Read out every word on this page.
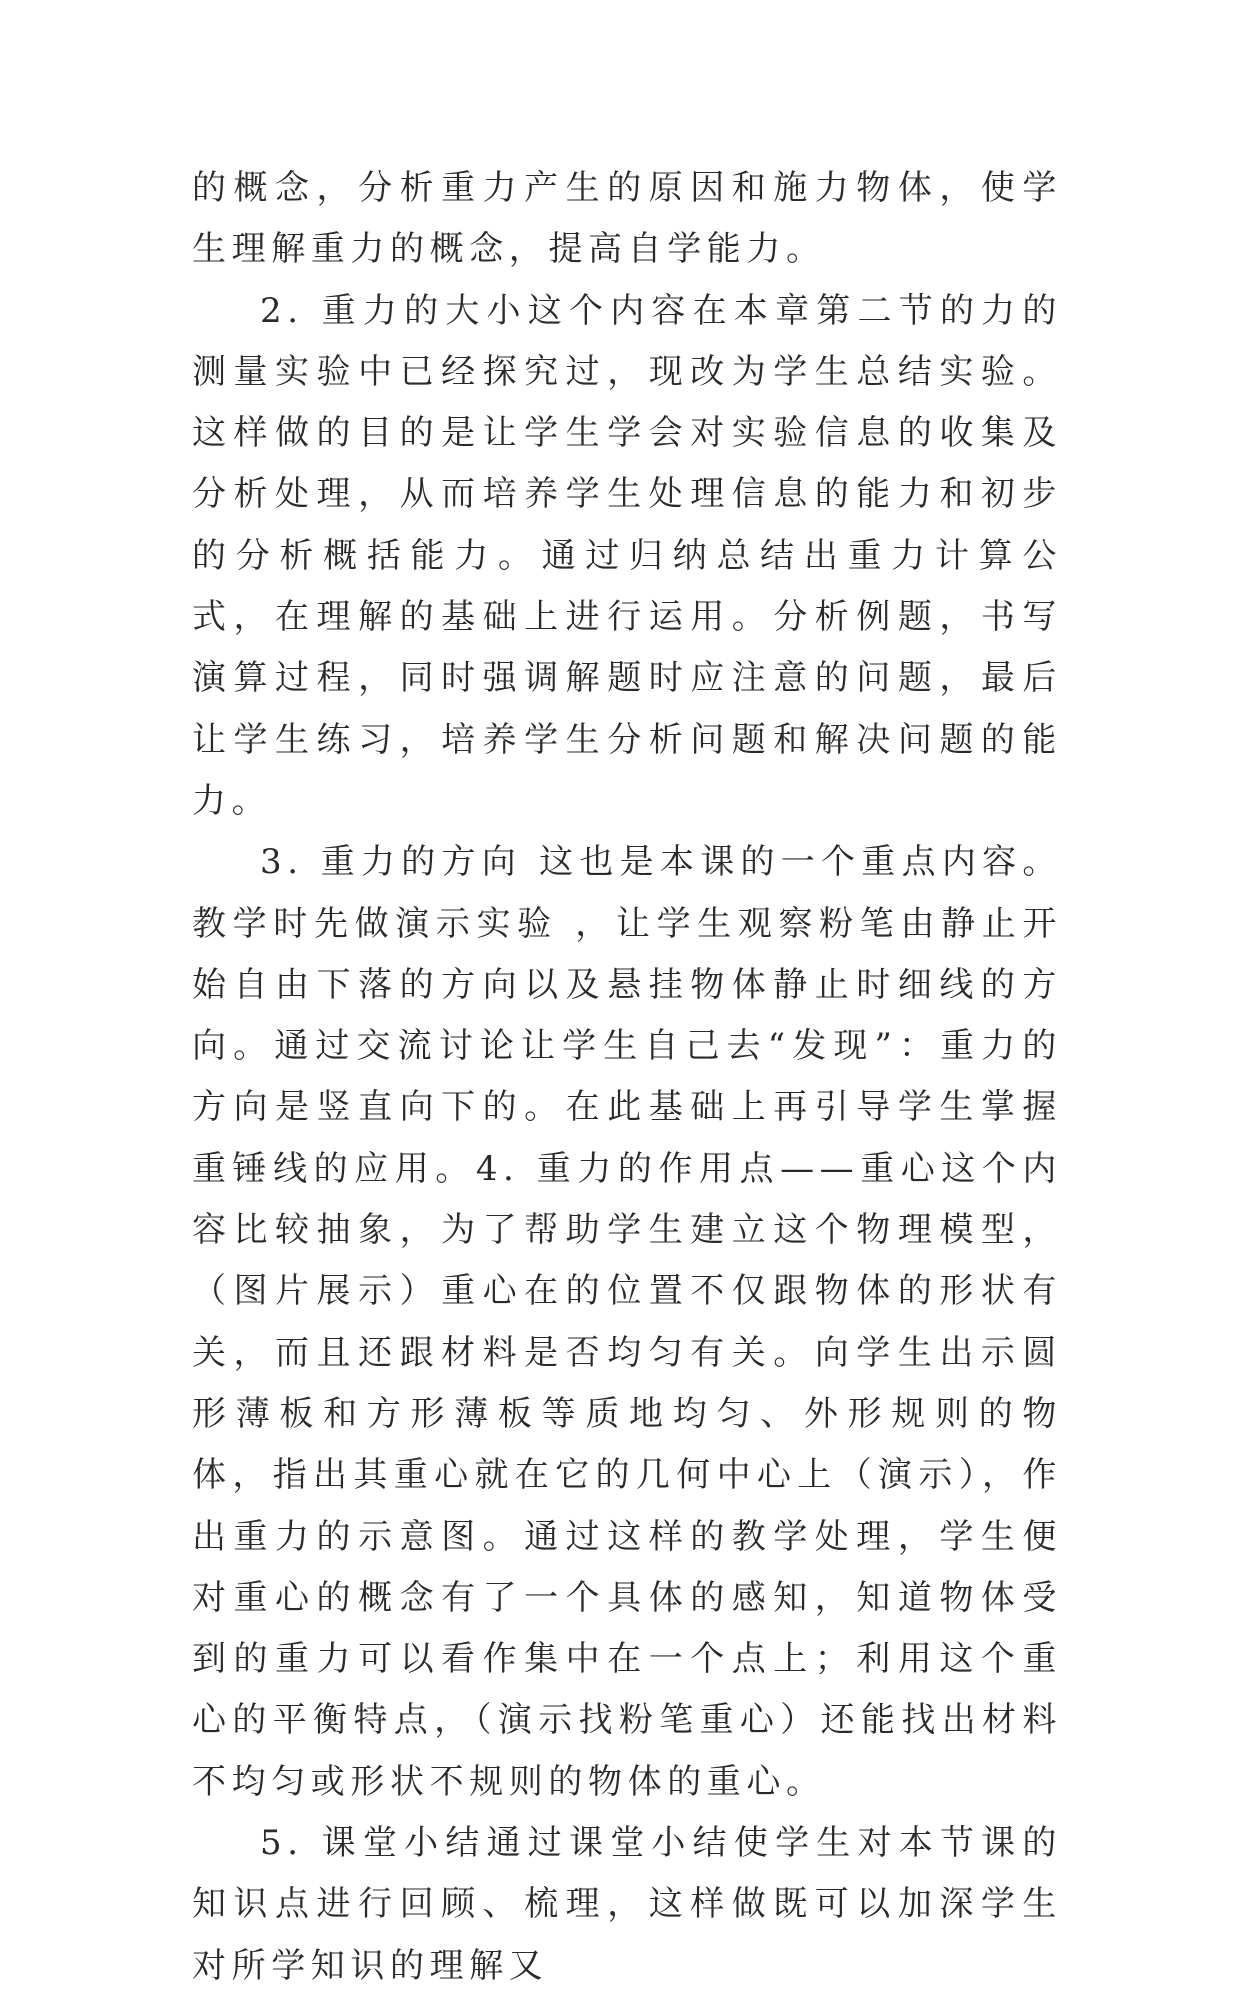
的概念，分析重力产生的原因和施力物体，使学生理解重力的概念，提高自学能力。

2. 重力的大小这个内容在本章第二节的力的测量实验中已经探究过，现改为学生总结实验。这样做的目的是让学生学会对实验信息的收集及分析处理，从而培养学生处理信息的能力和初步的分析概括能力。通过归纳总结出重力计算公式，在理解的基础上进行运用。分析例题，书写演算过程，同时强调解题时应注意的问题，最后让学生练习，培养学生分析问题和解决问题的能力。

3. 重力的方向 这也是本课的一个重点内容。教学时先做演示实验 ，让学生观察粉笔由静止开始自由下落的方向以及悬挂物体静止时细线的方向。通过交流讨论让学生自己去“发现”：重力的方向是竖直向下的。在此基础上再引导学生掌握重锤线的应用。4. 重力的作用点——重心这个内容比较抽象，为了帮助学生建立这个物理模型，（图片展示）重心在的位置不仅跟物体的形状有关，而且还跟材料是否均匀有关。向学生出示圆形薄板和方形薄板等质地均匀、外形规则的物体，指出其重心就在它的几何中心上（演示），作出重力的示意图。通过这样的教学处理，学生便对重心的概念有了一个具体的感知，知道物体受到的重力可以看作集中在一个点上；利用这个重心的平衡特点，（演示找粉笔重心）还能找出材料不均匀或形状不规则的物体的重心。

5. 课堂小结通过课堂小结使学生对本节课的知识点进行回顾、梳理，这样做既可以加深学生对所学知识的理解又
